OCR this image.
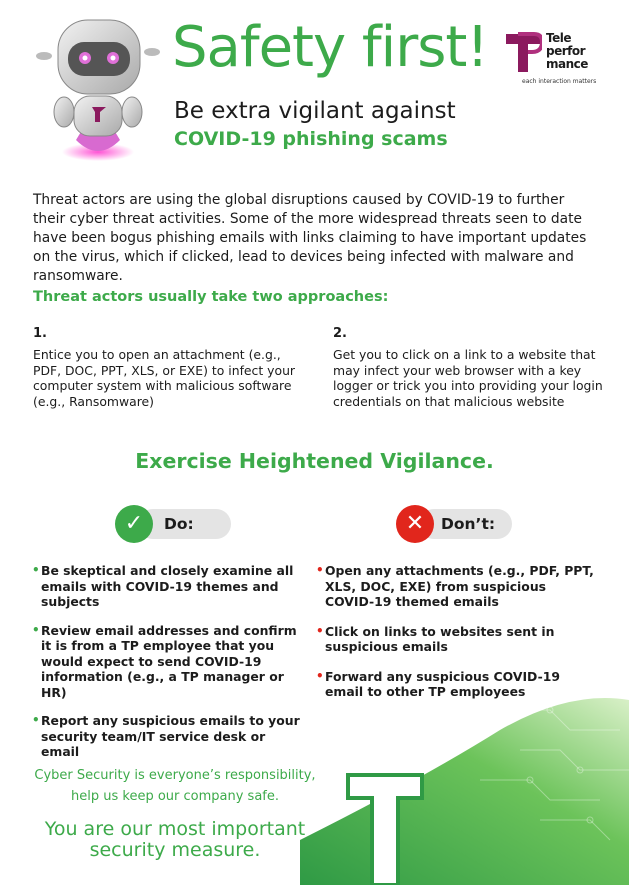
Safety first!
Be extra vigilant against
COVID-19 phishing scams
Tele
perfor
mance
each interaction matters
Threat actors are using the global disruptions caused by COVID-19 to further their cyber threat activities. Some of the more widespread threats seen to date have been bogus phishing emails with links claiming to have important updates on the virus, which if clicked, lead to devices being infected with malware and ransomware.
Threat actors usually take two approaches:
1.
Entice you to open an attachment (e.g., PDF, DOC, PPT, XLS, or EXE) to infect your computer system with malicious software (e.g., Ransomware)
2.
Get you to click on a link to a website that may infect your web browser with a key logger or trick you into providing your login credentials on that malicious website
Exercise Heightened Vigilance.
Do:
✓	Don’t:
✕
• Be skeptical and closely examine all emails with COVID-19 themes and subjects
• Review email addresses and confirm it is from a TP employee that you would expect to send COVID-19 information (e.g., a TP manager or HR)
• Report any suspicious emails to your security team/IT service desk or email
• Open any attachments (e.g., PDF, PPT, XLS, DOC, EXE) from suspicious COVID-19 themed emails
• Click on links to websites sent in suspicious emails
• Forward any suspicious COVID-19 email to other TP employees
Cyber Security is everyone’s responsibility, help us keep our company safe.
You are our most important security measure.
